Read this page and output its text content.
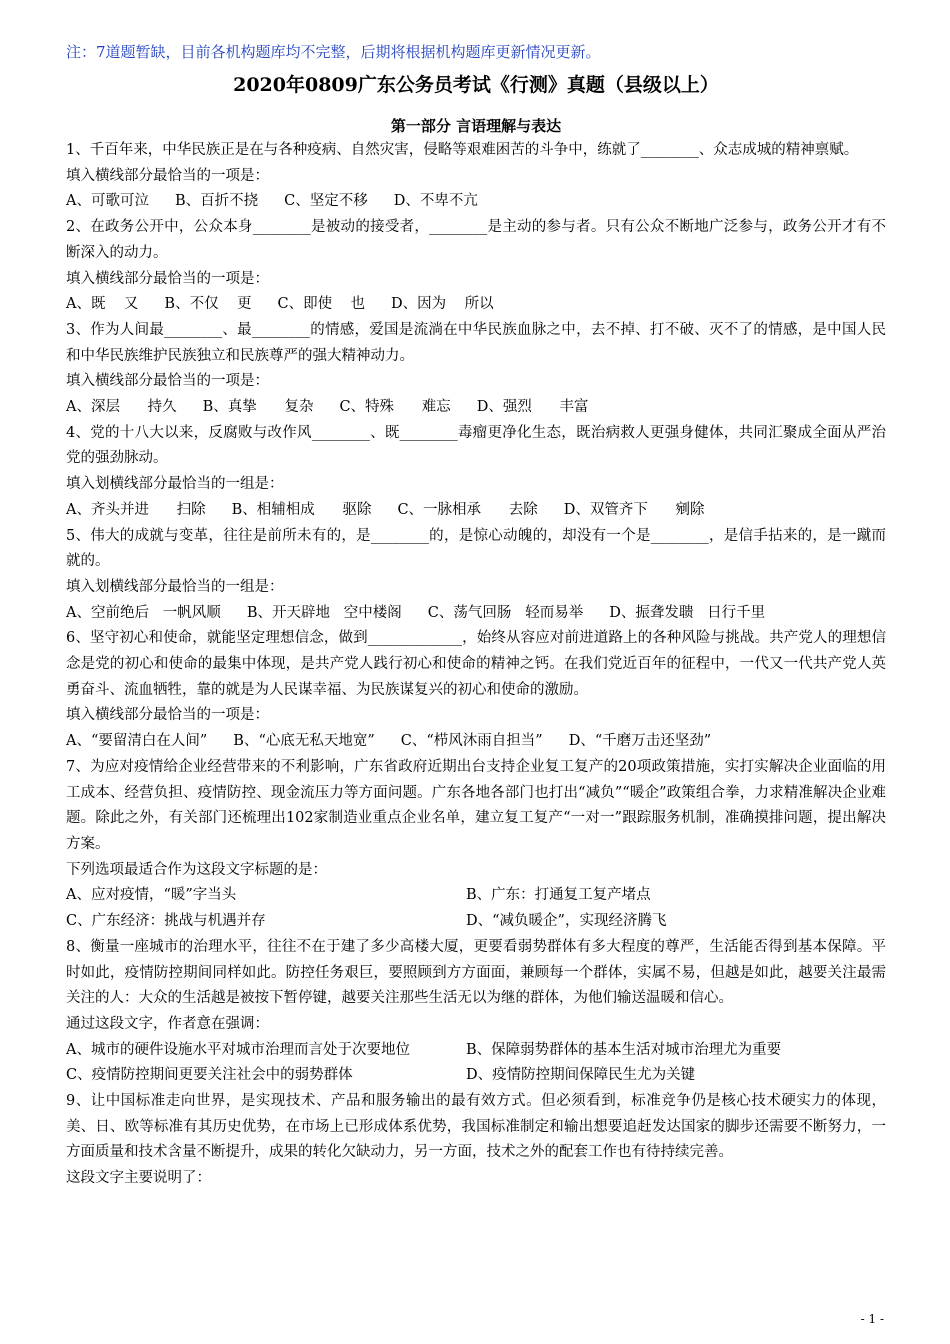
注：7道题暂缺，目前各机构题库均不完整，后期将根据机构题库更新情况更新。

2020年0809广东公务员考试《行测》真题（县级以上）
第一部分 言语理解与表达

1、千百年来，中华民族正是在与各种疫病、自然灾害，侵略等艰难困苦的斗争中，练就了________、众志成城的精神禀赋。

填入横线部分最恰当的一项是：

A、可歌可泣 B、百折不挠 C、坚定不移 D、不卑不亢

2、在政务公开中，公众本身________是被动的接受者，________是主动的参与者。只有公众不断地广泛参与，政务公开才有不断深入的动力。

填入横线部分最恰当的一项是：

A、既    又 B、不仅    更 C、即使    也 D、因为    所以

3、作为人间最________、最________的情感，爱国是流淌在中华民族血脉之中，去不掉、打不破、灭不了的情感，是中国人民和中华民族维护民族独立和民族尊严的强大精神动力。

填入横线部分最恰当的一项是：

A、深层      持久 B、真挚      复杂 C、特殊      难忘 D、强烈      丰富

4、党的十八大以来，反腐败与改作风________、既________毒瘤更净化生态，既治病救人更强身健体，共同汇聚成全面从严治党的强劲脉动。

填入划横线部分最恰当的一组是：

A、齐头并进      扫除 B、相辅相成      驱除 C、一脉相承      去除 D、双管齐下      剜除

5、伟大的成就与变革，往往是前所未有的，是________的，是惊心动魄的，却没有一个是________，是信手拈来的，是一蹴而就的。

填入划横线部分最恰当的一组是：

A、空前绝后   一帆风顺 B、开天辟地   空中楼阁 C、荡气回肠   轻而易举 D、振聋发聩   日行千里

6、坚守初心和使命，就能坚定理想信念，做到_____________，始终从容应对前进道路上的各种风险与挑战。共产党人的理想信念是党的初心和使命的最集中体现，是共产党人践行初心和使命的精神之钙。在我们党近百年的征程中，一代又一代共产党人英勇奋斗、流血牺牲，靠的就是为人民谋幸福、为民族谋复兴的初心和使命的激励。

填入横线部分最恰当的一项是：

A、“要留清白在人间” B、“心底无私天地宽” C、“栉风沐雨自担当” D、“千磨万击还坚劲”

7、为应对疫情给企业经营带来的不利影响，广东省政府近期出台支持企业复工复产的20项政策措施，实打实解决企业面临的用工成本、经营负担、疫情防控、现金流压力等方面问题。广东各地各部门也打出“减负”“暖企”政策组合拳，力求精准解决企业难题。除此之外，有关部门还梳理出102家制造业重点企业名单，建立复工复产“一对一”跟踪服务机制，准确摸排问题，提出解决方案。

下列选项最适合作为这段文字标题的是：

A、应对疫情，“暖”字当头	B、广东：打通复工复产堵点
C、广东经济：挑战与机遇并存	D、“减负暖企”，实现经济腾飞

8、衡量一座城市的治理水平，往往不在于建了多少高楼大厦，更要看弱势群体有多大程度的尊严，生活能否得到基本保障。平时如此，疫情防控期间同样如此。防控任务艰巨，要照顾到方方面面，兼顾每一个群体，实属不易，但越是如此，越要关注最需关注的人：大众的生活越是被按下暂停键，越要关注那些生活无以为继的群体，为他们输送温暖和信心。

通过这段文字，作者意在强调：

A、城市的硬件设施水平对城市治理而言处于次要地位	B、保障弱势群体的基本生活对城市治理尤为重要
C、疫情防控期间更要关注社会中的弱势群体	D、疫情防控期间保障民生尤为关键

9、让中国标准走向世界，是实现技术、产品和服务输出的最有效方式。但必须看到，标准竞争仍是核心技术硬实力的体现，美、日、欧等标准有其历史优势，在市场上已形成体系优势，我国标准制定和输出想要追赶发达国家的脚步还需要不断努力，一方面质量和技术含量不断提升，成果的转化欠缺动力，另一方面，技术之外的配套工作也有待持续完善。

这段文字主要说明了：

- 1 -
